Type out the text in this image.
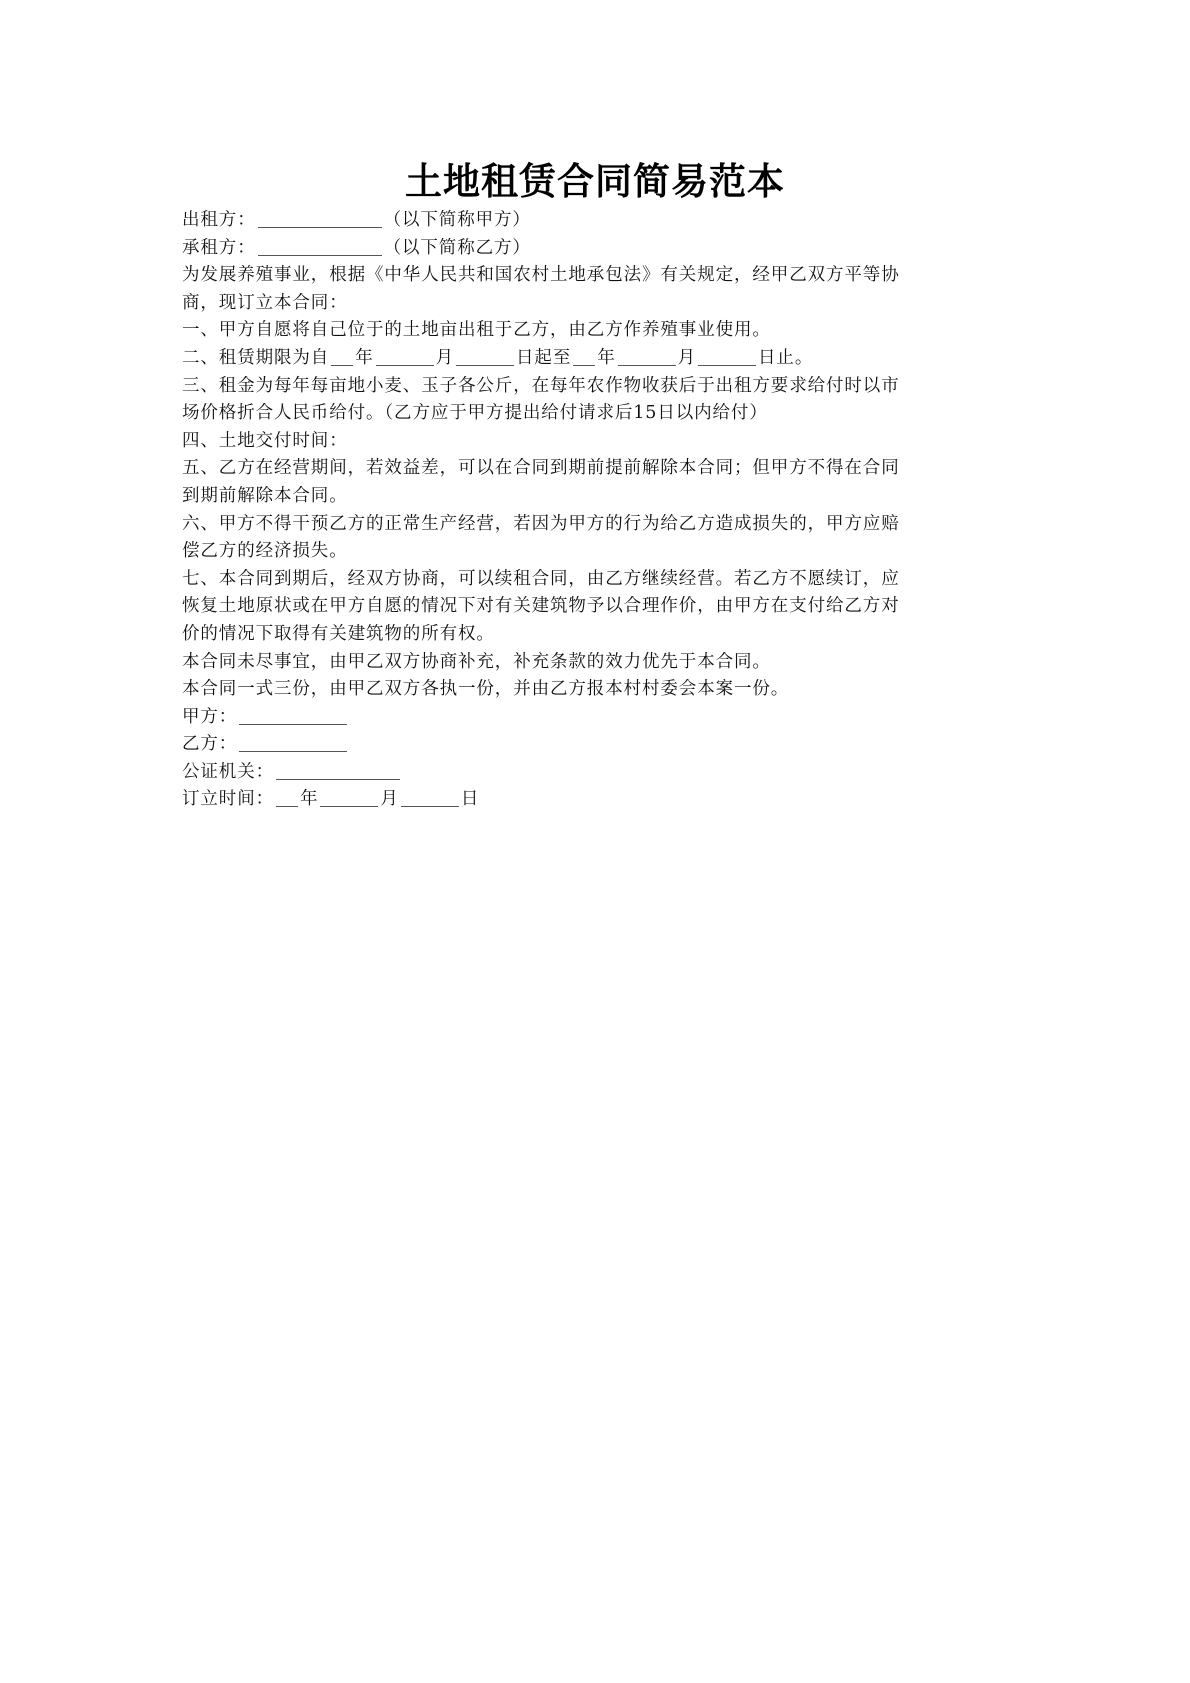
土地租赁合同简易范本

出租方：	（以下简称甲方）

承租方：	（以下简称乙方）

为发展养殖事业，根据《中华人民共和国农村土地承包法》有关规定，经甲乙双方平等协

商，现订立本合同：

一、甲方自愿将自己位于的土地亩出租于乙方，由乙方作养殖事业使用。

二、租赁期限为自 年	月	日起至 年	月	日止。

三、租金为每年每亩地小麦、玉子各公斤，在每年农作物收获后于出租方要求给付时以市

场价格折合人民币给付。（乙方应于甲方提出给付请求后15日以内给付）

四、土地交付时间：

五、乙方在经营期间，若效益差，可以在合同到期前提前解除本合同；但甲方不得在合同

到期前解除本合同。

六、甲方不得干预乙方的正常生产经营，若因为甲方的行为给乙方造成损失的，甲方应赔

偿乙方的经济损失。

七、本合同到期后，经双方协商，可以续租合同，由乙方继续经营。若乙方不愿续订，应

恢复土地原状或在甲方自愿的情况下对有关建筑物予以合理作价，由甲方在支付给乙方对

价的情况下取得有关建筑物的所有权。

本合同未尽事宜，由甲乙双方协商补充，补充条款的效力优先于本合同。

本合同一式三份，由甲乙双方各执一份，并由乙方报本村村委会本案一份。

甲方：

乙方：

公证机关：

订立时间： 年	月	日
